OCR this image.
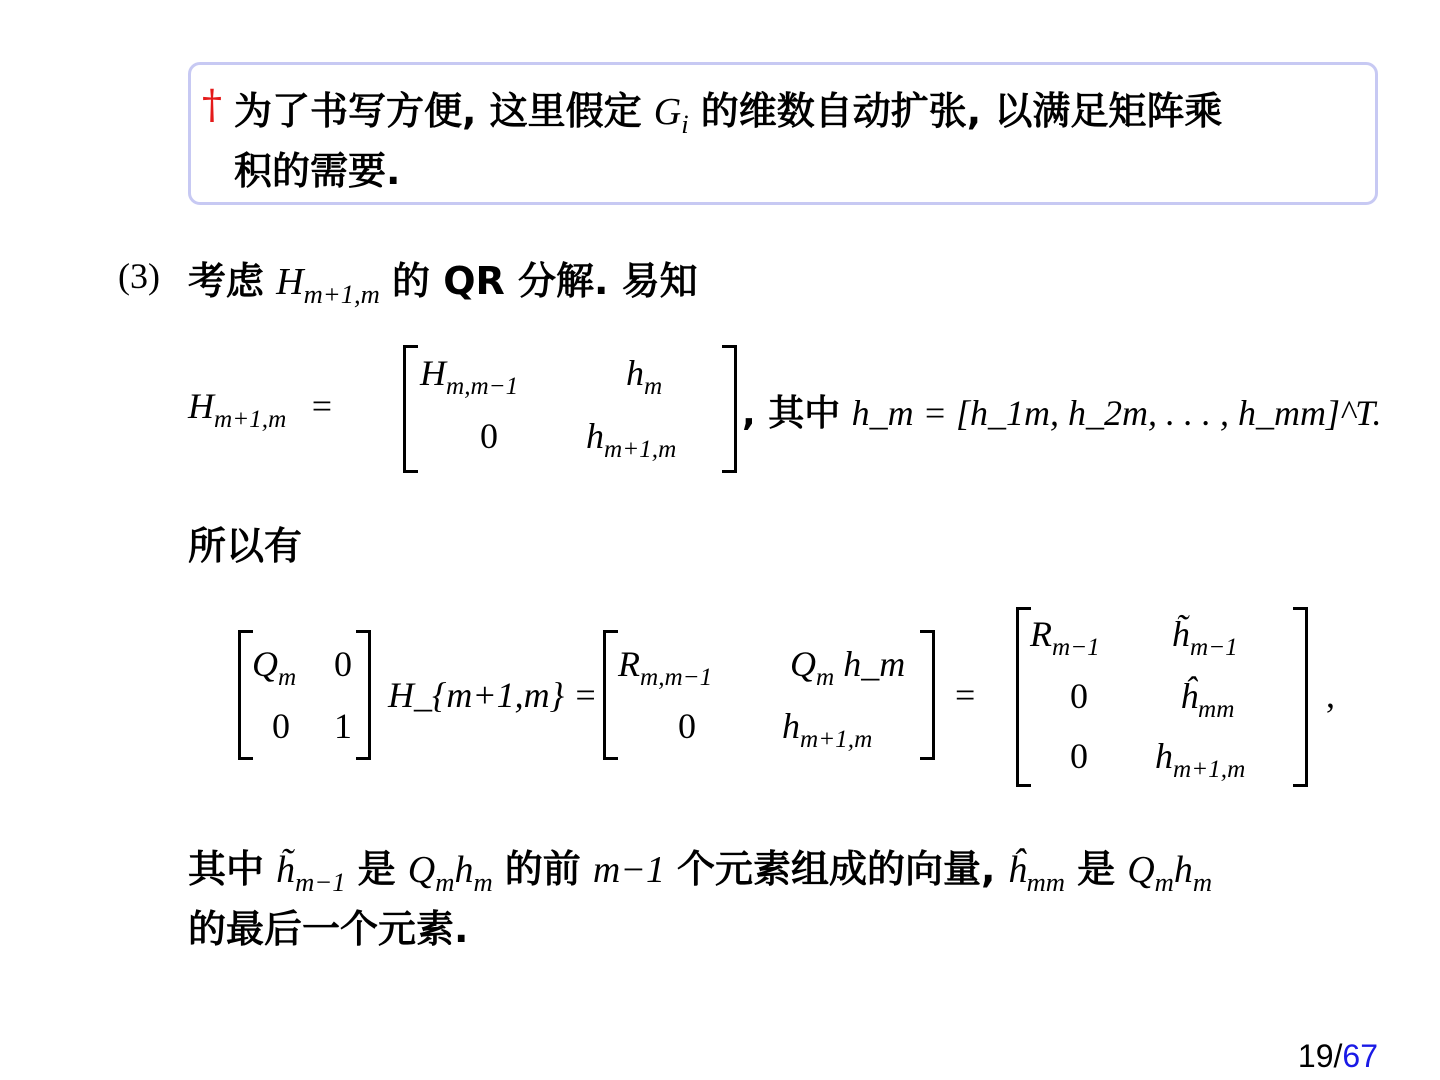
† 为了书写方便, 这里假定 $G_i$ 的维数自动扩张, 以满足矩阵乘
积的需要.
(3) 考虑 $H_{m+1,m}$ 的 QR 分解. 易知
$H_{m+1,m}$ =
$H_{m,m-1}$	$h_m$
0 $h_{m+1,m}$
, 其中 h_m = [h_1m, h_2m, . . . , h_mm]^T.
所以有
$Q_m$ 0
0 1
H_{m+1,m} =
$R_{m,m-1}$ $Q_m$ h_m
0 $h_{m+1,m}$
=
$R_{m-1}$ $h̃_{m-1}$
0	$ĥ_{mm}$
0 $h_{m+1,m}$
,
其中 $h̃_{m-1}$ 是 $Q_mh_m$ 的前 m−1 个元素组成的向量, $ĥ_{mm}$ 是 $Q_mh_m$
的最后一个元素.
19/67
